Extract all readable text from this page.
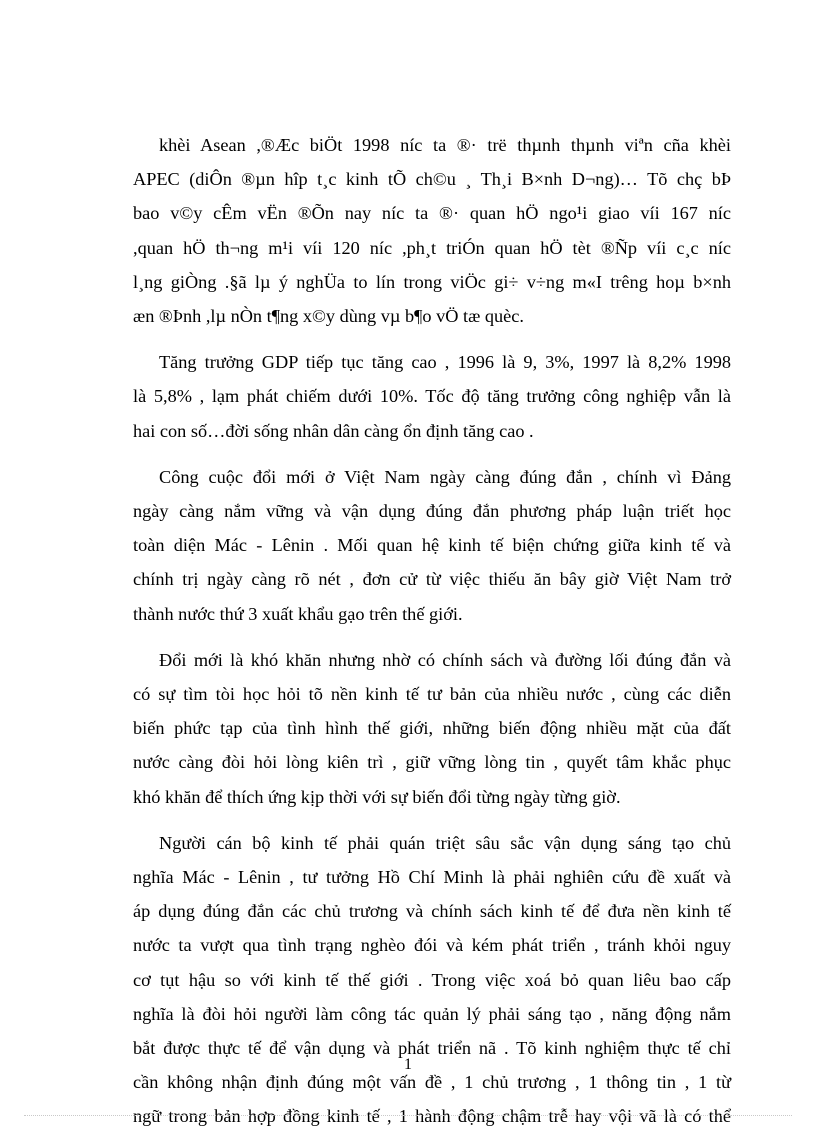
khèi Asean ,®Æc biÖt 1998 níc ta ®· trë thµnh thµnh viªn cña khèi
APEC (diÔn ®µn hîp t¸c kinh tÕ ch©u ¸ Th¸i B×nh D¬ng)… Tõ chç bÞ
bao v©y cÊm vËn ®Õn nay níc ta ®· quan hÖ ngo¹i giao víi 167 níc
,quan hÖ th¬ng m¹i víi 120 níc ,ph¸t triÓn quan hÖ tèt ®Ñp víi c¸c níc
l¸ng giÒng .§ã lµ ý nghÜa to lín trong viÖc gi÷ v÷ng m«I trêng hoµ b×nh
æn ®Þnh ,lµ nÒn t¶ng x©y dùng vµ b¶o vÖ tæ quèc.

Tăng trưởng GDP tiếp tục tăng cao , 1996 là 9, 3%, 1997 là 8,2% 1998
là 5,8% , lạm phát chiếm dưới 10%. Tốc độ tăng trưởng công nghiệp vẫn là
hai con số…đời sống nhân dân càng ổn định tăng cao .

Công cuộc đổi mới ở Việt Nam ngày càng đúng đắn , chính vì Đảng
ngày càng nắm vững và vận dụng đúng đắn phương pháp luận triết học
toàn diện Mác - Lênin . Mối quan hệ kinh tế biện chứng giữa kinh tế và
chính trị ngày càng rõ nét , đơn cử từ việc thiếu ăn bây giờ Việt Nam trở
thành nước thứ 3 xuất khẩu gạo trên thế giới.

Đổi mới là khó khăn nhưng nhờ có chính sách và đường lối đúng đắn và
có sự tìm tòi học hỏi tõ nền kinh tế tư bản của nhiều nước , cùng các diễn
biến phức tạp của tình hình thế giới, những biến động nhiều mặt của đất
nước càng đòi hỏi lòng kiên trì , giữ vững lòng tin , quyết tâm khắc phục
khó khăn để thích ứng kịp thời với sự biến đổi từng ngày từng giờ.

Người cán bộ kinh tế phải quán triệt sâu sắc vận dụng sáng tạo chủ
nghĩa Mác - Lênin , tư tưởng Hồ Chí Minh là phải nghiên cứu đề xuất và
áp dụng đúng đắn các chủ trương và chính sách kinh tế để đưa nền kinh tế
nước ta vượt qua tình trạng nghèo đói và kém phát triển , tránh khỏi nguy
cơ tụt hậu so với kinh tế thế giới . Trong việc xoá bỏ quan liêu bao cấp
nghĩa là đòi hỏi người làm công tác quản lý phải sáng tạo , năng động nắm
bắt được thực tế để vận dụng và phát triển nã . Tõ kinh nghiệm thực tế chỉ
cần không nhận định đúng một vấn đề , 1 chủ trương , 1 thông tin , 1 từ
ngữ trong bản hợp đồng kinh tế , 1 hành động chậm trễ hay vội vã là có thể

1
